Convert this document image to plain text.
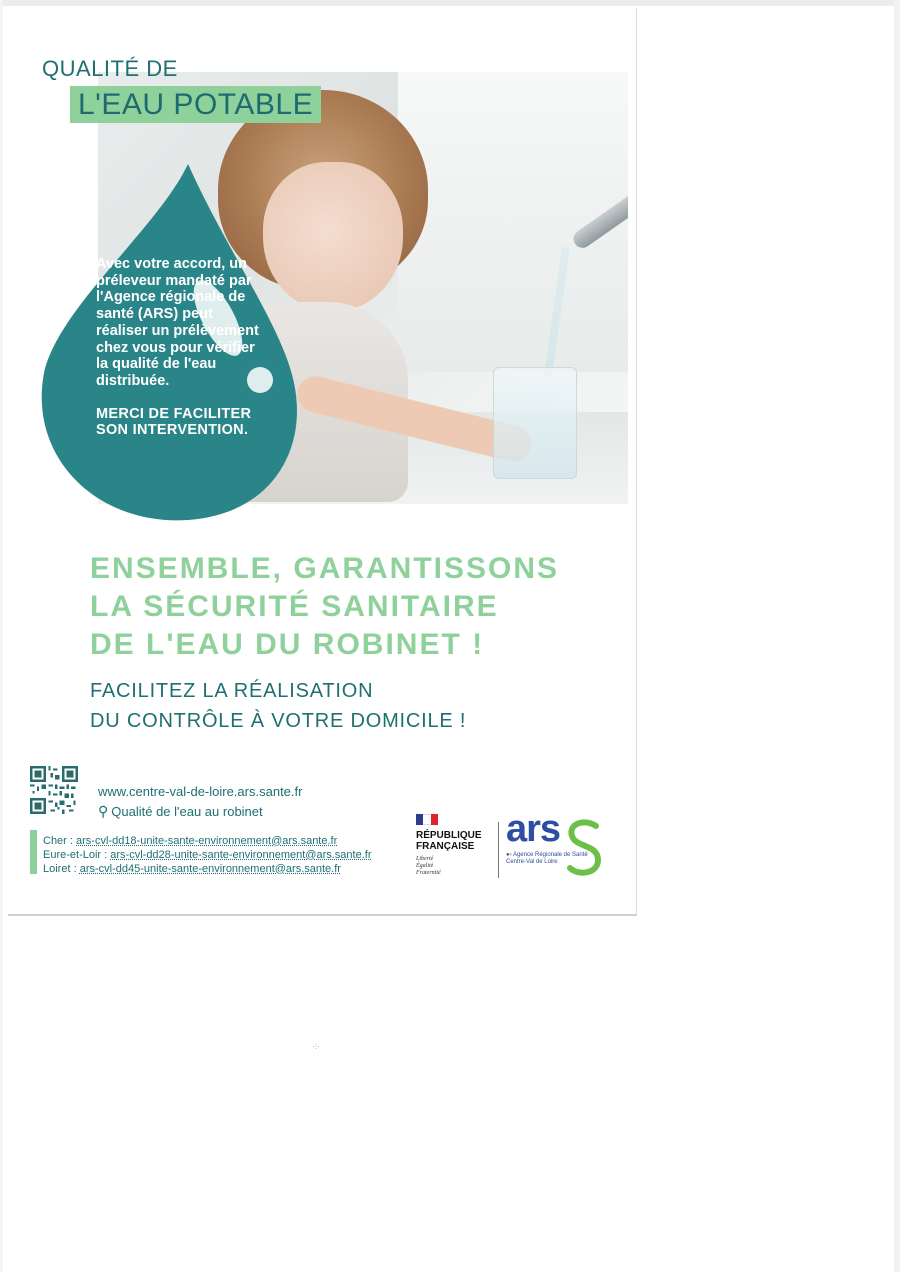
QUALITÉ DE
L'EAU POTABLE

Avec votre accord, un préleveur mandaté par l'Agence régionale de santé (ARS) peut réaliser un prélèvement chez vous pour vérifier la qualité de l'eau distribuée.

MERCI DE FACILITER SON INTERVENTION.

ENSEMBLE, GARANTISSONS
LA SÉCURITÉ SANITAIRE
DE L'EAU DU ROBINET !
FACILITEZ LA RÉALISATION
DU CONTRÔLE À VOTRE DOMICILE !
www.centre-val-de-loire.ars.sante.fr
⚲ Qualité de l'eau au robinet
Cher : ars-cvl-dd18-unite-sante-environnement@ars.sante.fr
Eure-et-Loir : ars-cvl-dd28-unite-sante-environnement@ars.sante.fr
Loiret : ars-cvl-dd45-unite-sante-environnement@ars.sante.fr
RÉPUBLIQUE
FRANÇAISE
Liberté
Égalité
Fraternité
ars
●› Agence Régionale de Santé
Centre-Val de Loire
·:·
